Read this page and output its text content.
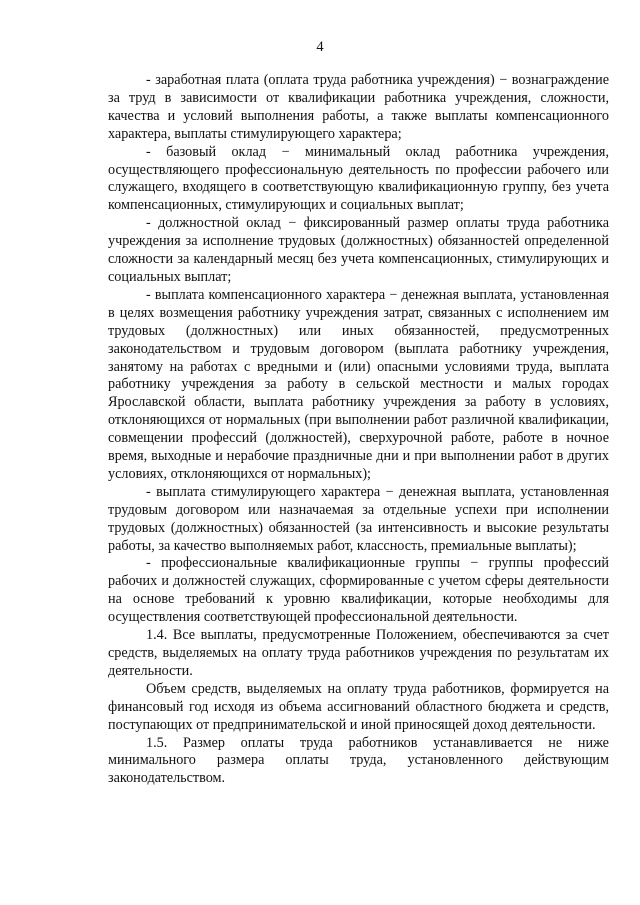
4

- заработная плата (оплата труда работника учреждения) − вознаграждение за труд в зависимости от квалификации работника учреждения, сложности, качества и условий выполнения работы, а также выплаты компенсационного характера, выплаты стимулирующего характера;

- базовый оклад − минимальный оклад работника учреждения, осуществляющего профессиональную деятельность по профессии рабочего или служащего, входящего в соответствующую квалификационную группу, без учета компенсационных, стимулирующих и социальных выплат;

- должностной оклад − фиксированный размер оплаты труда работника учреждения за исполнение трудовых (должностных) обязанностей определенной сложности за календарный месяц без учета компенсационных, стимулирующих и социальных выплат;

- выплата компенсационного характера − денежная выплата, установленная в целях возмещения работнику учреждения затрат, связанных с исполнением им трудовых (должностных) или иных обязанностей, предусмотренных законодательством и трудовым договором (выплата работнику учреждения, занятому на работах с вредными и (или) опасными условиями труда, выплата работнику учреждения за работу в сельской местности и малых городах Ярославской области, выплата работнику учреждения за работу в условиях, отклоняющихся от нормальных (при выполнении работ различной квалификации, совмещении профессий (должностей), сверхурочной работе, работе в ночное время, выходные и нерабочие праздничные дни и при выполнении работ в других условиях, отклоняющихся от нормальных);

- выплата стимулирующего характера − денежная выплата, установленная трудовым договором или назначаемая за отдельные успехи при исполнении трудовых (должностных) обязанностей (за интенсивность и высокие результаты работы, за качество выполняемых работ, классность, премиальные выплаты);

- профессиональные квалификационные группы − группы профессий рабочих и должностей служащих, сформированные с учетом сферы деятельности на основе требований к уровню квалификации, которые необходимы для осуществления соответствующей профессиональной деятельности.

1.4. Все выплаты, предусмотренные Положением, обеспечиваются за счет средств, выделяемых на оплату труда работников учреждения по результатам их деятельности.

Объем средств, выделяемых на оплату труда работников, формируется на финансовый год исходя из объема ассигнований областного бюджета и средств, поступающих от предпринимательской и иной приносящей доход деятельности.

1.5. Размер оплаты труда работников устанавливается не ниже минимального размера оплаты труда, установленного действующим законодательством.
